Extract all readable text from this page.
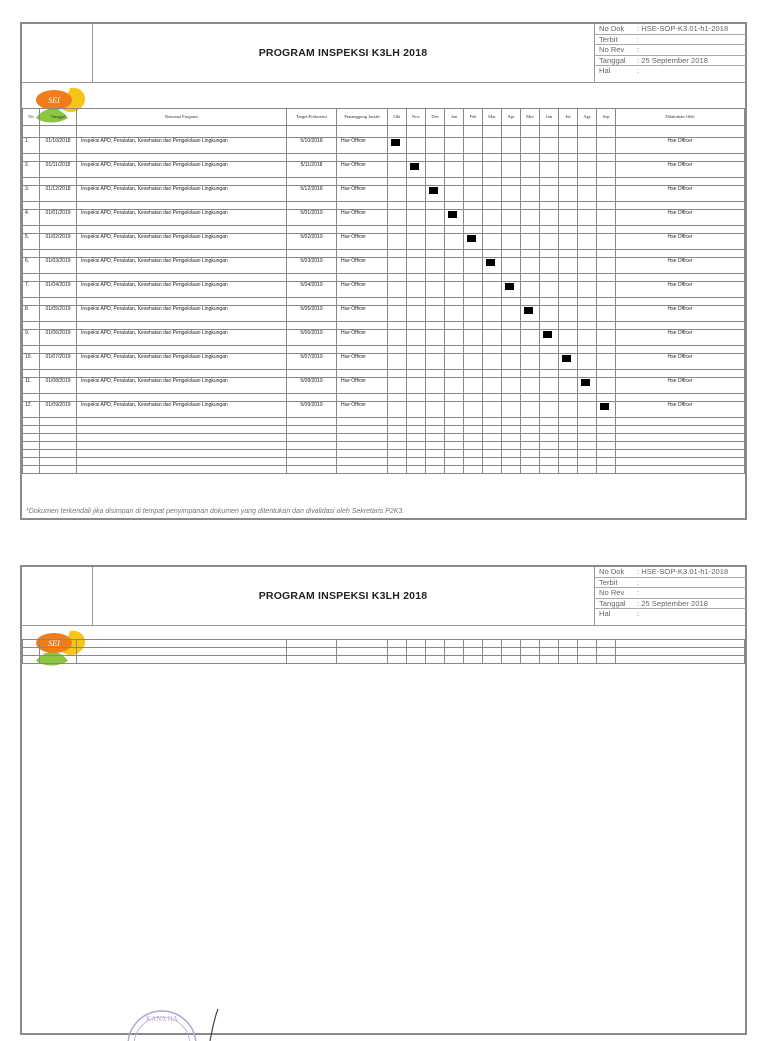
PROGRAM INSPEKSI K3LH 2018
No Dok : HSE-SOP-K3.01-h1-2018
Terbit	:
No Rev :
Tanggal : 25 September 2018
Hal	:
SEI
No	Tanggal	Rencana Program	Target/Frekuensi	Penanggung Jawab	Okt	Nov	Des	Jan	Feb	Mar	Apr	Mei	Jun	Jul	Ags	Sep	Dilakukan Oleh

1.	01/10/2018	Inspeksi APD, Peralatan, Kesehatan dan Pengelolaan Lingkungan	5/10/2018	Hse Officer													Hse Officer

2.	01/11/2018	Inspeksi APD, Peralatan, Kesehatan dan Pengelolaan Lingkungan	5/11/2018	Hse Officer													Hse Officer

3.	01/12/2018	Inspeksi APD, Peralatan, Kesehatan dan Pengelolaan Lingkungan	5/12/2018	Hse Officer													Hse Officer

4.	01/01/2019	Inspeksi APD, Peralatan, Kesehatan dan Pengelolaan Lingkungan	5/01/2019	Hse Officer													Hse Officer

5.	01/02/2019	Inspeksi APD, Peralatan, Kesehatan dan Pengelolaan Lingkungan	5/02/2019	Hse Officer													Hse Officer

6.	01/03/2019	Inspeksi APD, Peralatan, Kesehatan dan Pengelolaan Lingkungan	5/03/2019	Hse Officer													Hse Officer

7.	01/04/2019	Inspeksi APD, Peralatan, Kesehatan dan Pengelolaan Lingkungan	5/04/2019	Hse Officer													Hse Officer

8.	01/05/2019	Inspeksi APD, Peralatan, Kesehatan dan Pengelolaan Lingkungan	5/05/2019	Hse Officer													Hse Officer

9.	01/06/2019	Inspeksi APD, Peralatan, Kesehatan dan Pengelolaan Lingkungan	5/06/2019	Hse Officer													Hse Officer

10.	01/07/2019	Inspeksi APD, Peralatan, Kesehatan dan Pengelolaan Lingkungan	5/07/2019	Hse Officer													Hse Officer

11.	01/08/2019	Inspeksi APD, Peralatan, Kesehatan dan Pengelolaan Lingkungan	5/08/2019	Hse Officer													Hse Officer

12.	01/09/2019	Inspeksi APD, Peralatan, Kesehatan dan Pengelolaan Lingkungan	5/09/2019	Hse Officer													Hse Officer

*Dokumen terkendali jika disimpan di tempat penyimpanan dokumen yang ditentukan dan divalidasi oleh Sekretaris P2K3.
PROGRAM INSPEKSI K3LH 2018
No Dok : HSE-SOP-K3.01-h1-2018
Terbit	:
No Rev :
Tanggal : 25 September 2018
Hal	:
SEI

KANA HA
